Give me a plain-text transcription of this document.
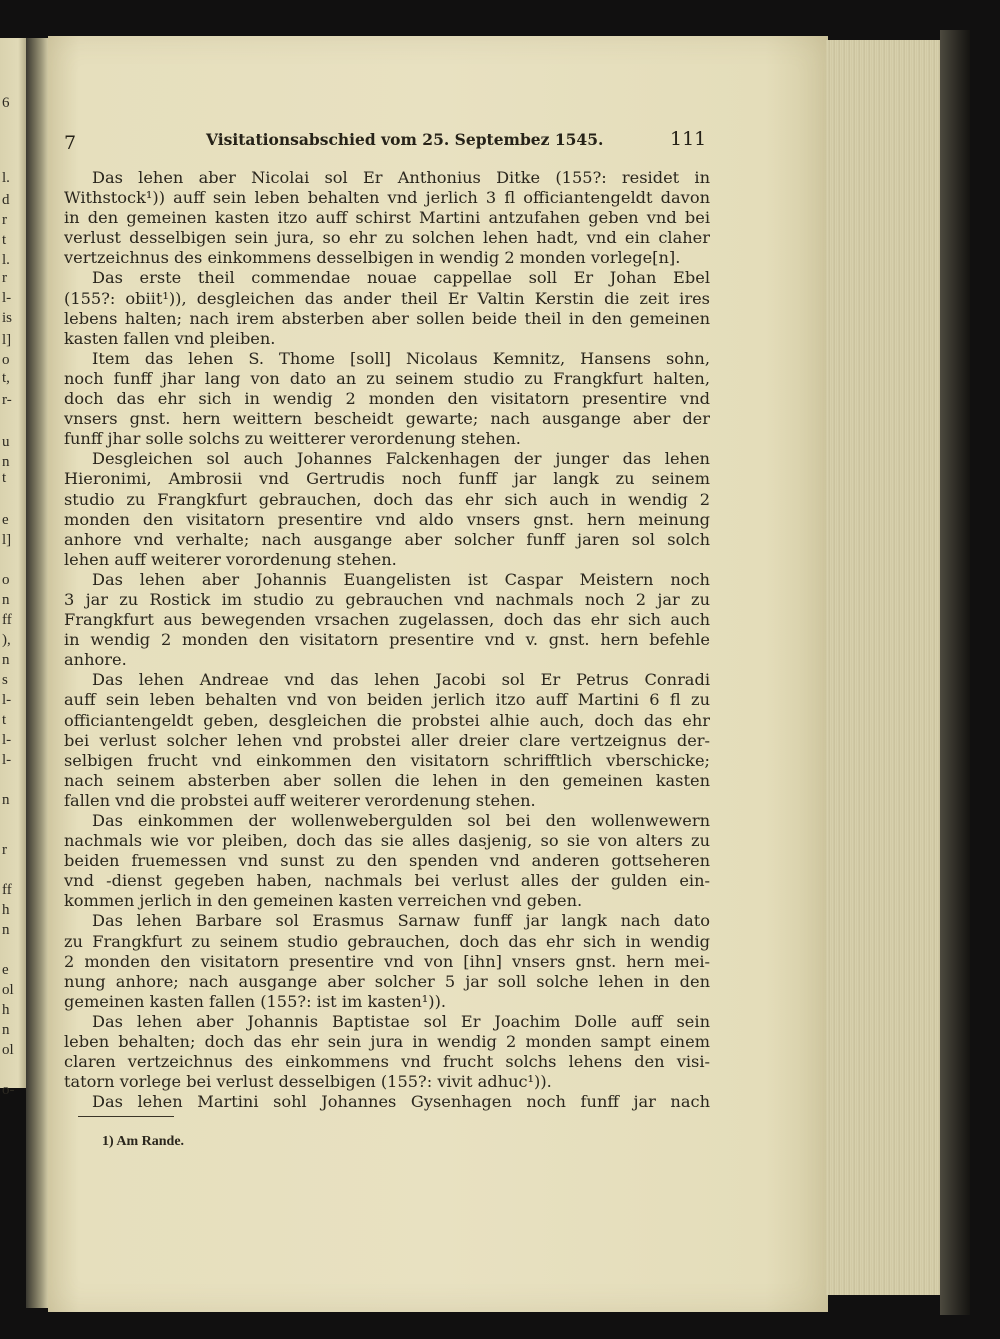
6
l.
d
r
t
l.
r
l-
is
l]
o
t,
r-
u
n
t
e
l]
o
n
ff
),
n
s
l-
t
l-
l-
n
r
ff
h
n
e
ol
h
n
ol
o-
7	Visitationsabschied vom 25. Septembez 1545.	111
Das lehen aber Nicolai sol Er Anthonius Ditke (155?: residet in
Withstock¹)) auff sein leben behalten vnd jerlich 3 fl officiantengeldt davon
in den gemeinen kasten itzo auff schirst Martini antzufahen geben vnd bei
verlust desselbigen sein jura, so ehr zu solchen lehen hadt, vnd ein claher
vertzeichnus des einkommens desselbigen in wendig 2 monden vorlege[n].
Das erste theil commendae nouae cappellae soll Er Johan Ebel
(155?: obiit¹)), desgleichen das ander theil Er Valtin Kerstin die zeit ires
lebens halten; nach irem absterben aber sollen beide theil in den gemeinen
kasten fallen vnd pleiben.
Item das lehen S. Thome [soll] Nicolaus Kemnitz, Hansens sohn,
noch funff jhar lang von dato an zu seinem studio zu Frangkfurt halten,
doch das ehr sich in wendig 2 monden den visitatorn presentire vnd
vnsers gnst. hern weittern bescheidt gewarte; nach ausgange aber der
funff jhar solle solchs zu weitterer verordenung stehen.
Desgleichen sol auch Johannes Falckenhagen der junger das lehen
Hieronimi, Ambrosii vnd Gertrudis noch funff jar langk zu seinem
studio zu Frangkfurt gebrauchen, doch das ehr sich auch in wendig 2
monden den visitatorn presentire vnd aldo vnsers gnst. hern meinung
anhore vnd verhalte; nach ausgange aber solcher funff jaren sol solch
lehen auff weiterer vorordenung stehen.
Das lehen aber Johannis Euangelisten ist Caspar Meistern noch
3 jar zu Rostick im studio zu gebrauchen vnd nachmals noch 2 jar zu
Frangkfurt aus bewegenden vrsachen zugelassen, doch das ehr sich auch
in wendig 2 monden den visitatorn presentire vnd v. gnst. hern befehle
anhore.
Das lehen Andreae vnd das lehen Jacobi sol Er Petrus Conradi
auff sein leben behalten vnd von beiden jerlich itzo auff Martini 6 fl zu
officiantengeldt geben, desgleichen die probstei alhie auch, doch das ehr
bei verlust solcher lehen vnd probstei aller dreier clare vertzeignus der-
selbigen frucht vnd einkommen den visitatorn schrifftlich vberschicke;
nach seinem absterben aber sollen die lehen in den gemeinen kasten
fallen vnd die probstei auff weiterer verordenung stehen.
Das einkommen der wollenwebergulden sol bei den wollenwewern
nachmals wie vor pleiben, doch das sie alles dasjenig, so sie von alters zu
beiden fruemessen vnd sunst zu den spenden vnd anderen gottseheren
vnd -dienst gegeben haben, nachmals bei verlust alles der gulden ein-
kommen jerlich in den gemeinen kasten verreichen vnd geben.
Das lehen Barbare sol Erasmus Sarnaw funff jar langk nach dato
zu Frangkfurt zu seinem studio gebrauchen, doch das ehr sich in wendig
2 monden den visitatorn presentire vnd von [ihn] vnsers gnst. hern mei-
nung anhore; nach ausgange aber solcher 5 jar soll solche lehen in den
gemeinen kasten fallen (155?: ist im kasten¹)).
Das lehen aber Johannis Baptistae sol Er Joachim Dolle auff sein
leben behalten; doch das ehr sein jura in wendig 2 monden sampt einem
claren vertzeichnus des einkommens vnd frucht solchs lehens den visi-
tatorn vorlege bei verlust desselbigen (155?: vivit adhuc¹)).
Das lehen Martini sohl Johannes Gysenhagen noch funff jar nach
1) Am Rande.
